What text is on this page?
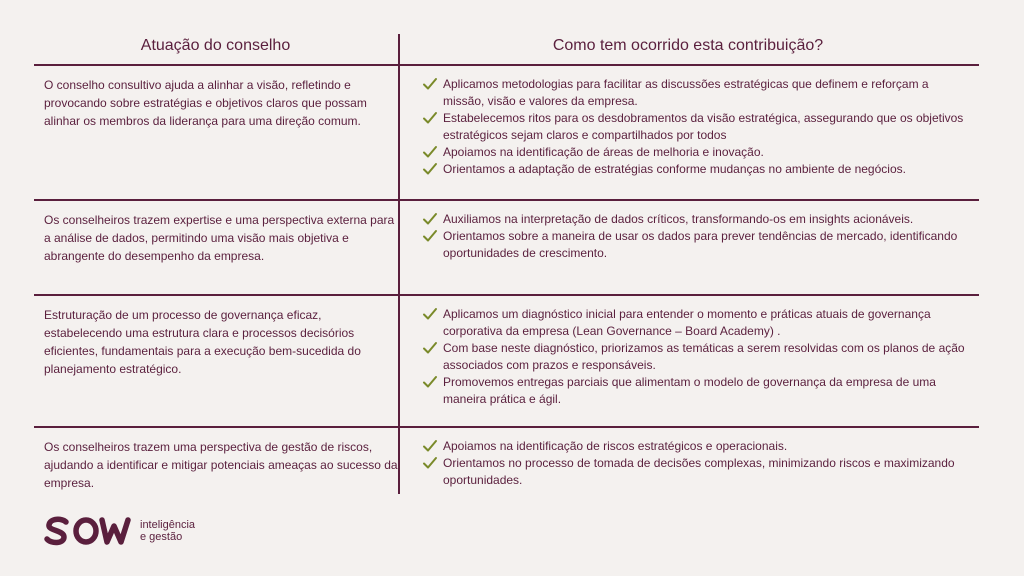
Atuação do conselho	Como tem ocorrido esta contribuição?
O conselho consultivo ajuda a alinhar a visão, refletindo e provocando sobre estratégias e objetivos claros que possam alinhar os membros da liderança para uma direção comum.
Aplicamos metodologias para facilitar as discussões estratégicas que definem e reforçam a missão, visão e valores da empresa.
Estabelecemos ritos para os desdobramentos da visão estratégica, assegurando que os objetivos estratégicos sejam claros e compartilhados por todos
Apoiamos na identificação de áreas de melhoria e inovação.
Orientamos a adaptação de estratégias conforme mudanças no ambiente de negócios.
Os conselheiros trazem expertise e uma perspectiva externa para a análise de dados, permitindo uma visão mais objetiva e abrangente do desempenho da empresa.
Auxiliamos na interpretação de dados críticos, transformando-os em insights acionáveis.
Orientamos sobre a maneira de usar os dados para prever tendências de mercado, identificando oportunidades de crescimento.
Estruturação de um processo de governança eficaz, estabelecendo uma estrutura clara e processos decisórios eficientes, fundamentais para a execução bem-sucedida do planejamento estratégico.
Aplicamos um diagnóstico inicial para entender o momento e práticas atuais de governança corporativa da empresa (Lean Governance – Board Academy) .
Com base neste diagnóstico, priorizamos as temáticas a serem resolvidas com os planos de ação associados com prazos e responsáveis.
Promovemos entregas parciais que alimentam o modelo de governança da empresa de uma maneira prática e ágil.
Os conselheiros trazem uma perspectiva de gestão de riscos, ajudando a identificar e mitigar potenciais ameaças ao sucesso da empresa.
Apoiamos na identificação de riscos estratégicos e operacionais.
Orientamos no processo de tomada de decisões complexas, minimizando riscos e maximizando oportunidades.
inteligência
e gestão
